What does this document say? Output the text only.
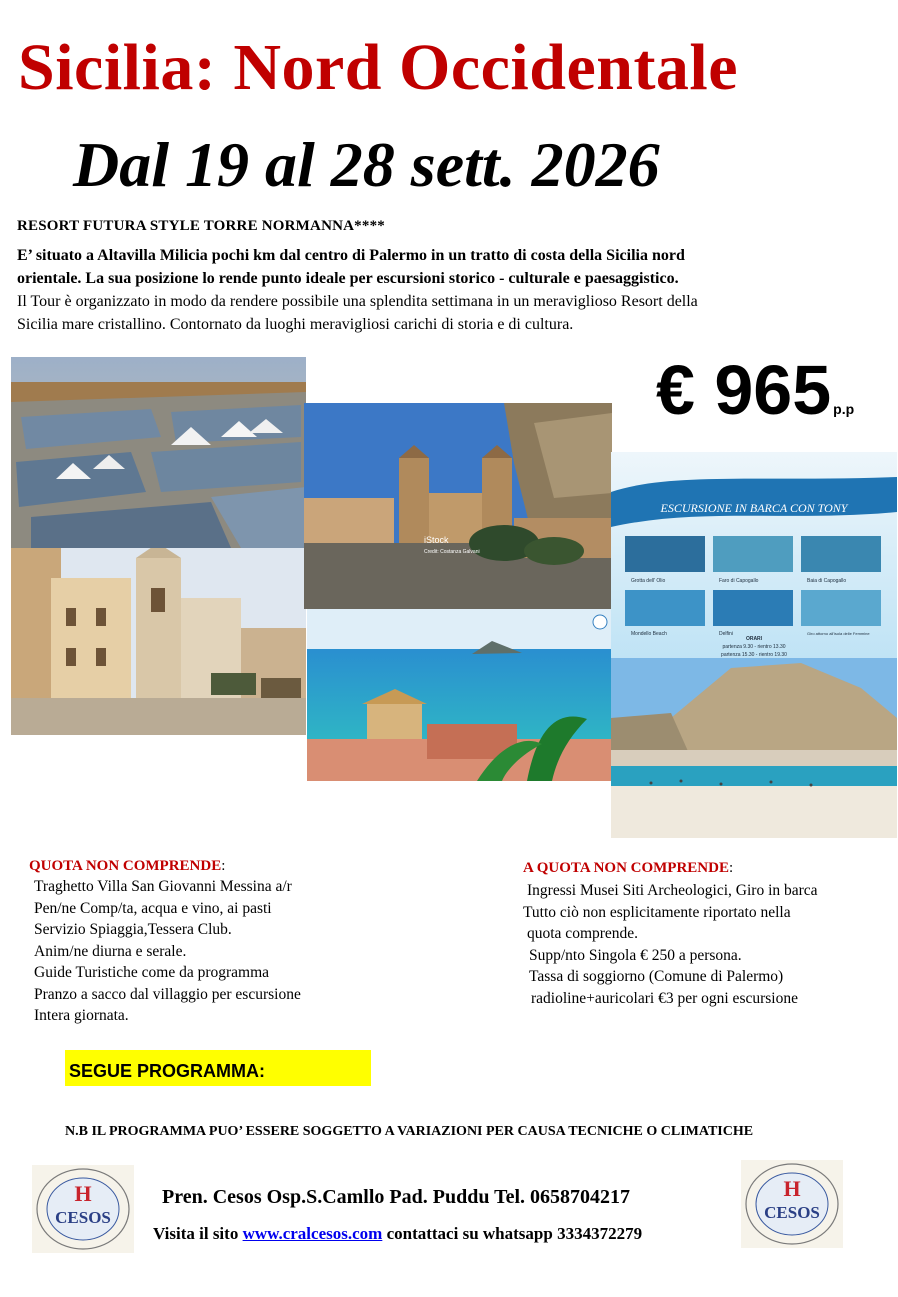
Sicilia: Nord Occidentale
Dal 19 al 28 sett. 2026
RESORT FUTURA STYLE TORRE NORMANNA****
E’ situato a Altavilla Milicia pochi km dal centro di Palermo in un tratto di costa della Sicilia nord
orientale. La sua posizione lo rende punto ideale per escursioni storico - culturale e paesaggistico.
Il Tour è organizzato in modo da rendere possibile una splendita settimana in un meraviglioso Resort della
Sicilia mare cristallino. Contornato da luoghi meravigliosi carichi di storia e di cultura.
€ 965 p.p
iStock
Credit: Costanza Galvani
ESCURSIONE IN BARCA CON TONY
Grotta dell' Olio	Faro di Capogallo	Baia di Capogallo
Mondello Beach	Delfini	Giro attorno all'isola delle Femmine
ORARI
partenza 9.30 - rientro 13.30
partenza 15.30 - rientro 19.30
QUOTA NON COMPRENDE:
Traghetto Villa San Giovanni Messina a/r
Pen/ne Comp/ta, acqua e vino, ai pasti
Servizio Spiaggia,Tessera Club.
Anim/ne diurna e serale.
Guide Turistiche come da programma
Pranzo a sacco dal villaggio per escursione
Intera giornata.
A QUOTA NON COMPRENDE:
Ingressi Musei Siti Archeologici, Giro in barca
Tutto ciò non esplicitamente riportato nella
quota comprende.
Supp/nto Singola € 250 a persona.
Tassa di soggiorno (Comune di Palermo)
radioline+auricolari €3 per ogni escursione
SEGUE PROGRAMMA:
N.B IL PROGRAMMA PUO’ ESSERE SOGGETTO A VARIAZIONI PER CAUSA TECNICHE O CLIMATICHE
H
CESOS
H
CESOS
Pren. Cesos Osp.S.Camllo Pad. Puddu Tel. 0658704217
Visita il sito www.cralcesos.com contattaci su whatsapp 3334372279
